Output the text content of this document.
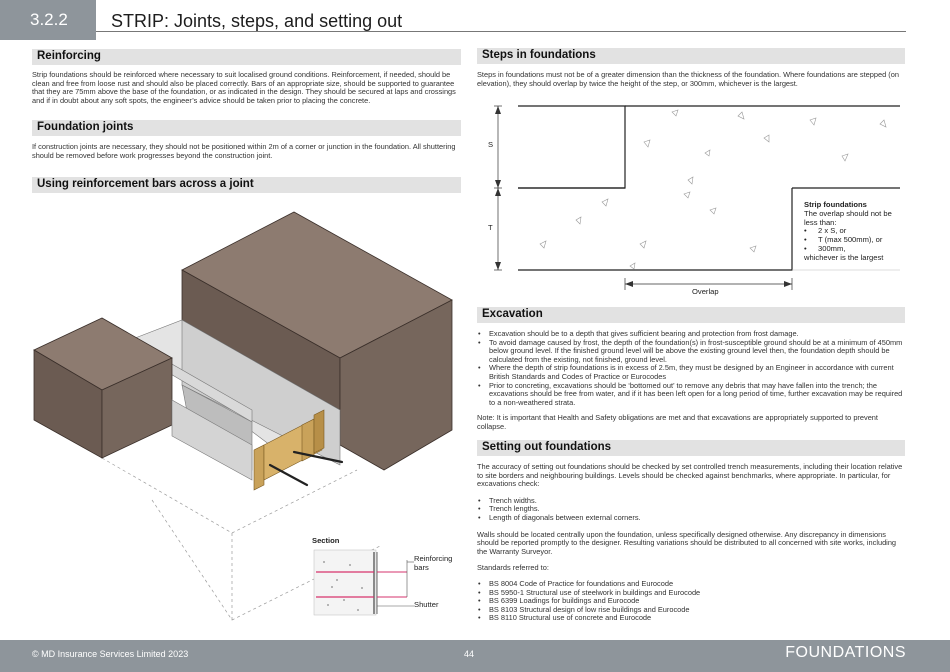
3.2.2	STRIP: Joints, steps, and setting out
Reinforcing
Strip foundations should be reinforced where necessary to suit localised ground conditions. Reinforcement, if needed, should be clean and free from loose rust and should also be placed correctly. Bars of an appropriate size, should be supported to guarantee that they are 75mm above the base of the foundation, or as indicated in the design. They should be secured at laps and crossings and if in doubt about any soft spots, the engineer’s advice should be taken prior to placing the concrete.
Foundation joints
If construction joints are necessary, they should not be positioned within 2m of a corner or junction in the foundation. All shuttering should be removed before work progresses beyond the construction joint.
Using reinforcement bars across a joint
Section
Reinforcing bars
Shutter
Steps in foundations
Steps in foundations must not be of a greater dimension than the thickness of the foundation. Where foundations are stepped (on elevation), they should overlap by twice the height of the step, or 300mm, whichever is the largest.
S
T
Overlap
Strip foundations
The overlap should not be less than:
• 2 x S, or
• T (max 500mm), or
• 300mm,
whichever is the largest
Excavation
• Excavation should be to a depth that gives sufficient bearing and protection from frost damage.
• To avoid damage caused by frost, the depth of the foundation(s) in frost-susceptible ground should be at a minimum of 450mm below ground level. If the finished ground level will be above the existing ground level then, the foundation depth should be calculated from the existing, not finished, ground level.
• Where the depth of strip foundations is in excess of 2.5m, they must be designed by an Engineer in accordance with current British Standards and Codes of Practice or Eurocodes
• Prior to concreting, excavations should be ‘bottomed out’ to remove any debris that may have fallen into the trench; the excavations should be free from water, and if it has been left open for a long period of time, further excavation may be required to a non-weathered strata.
Note: It is important that Health and Safety obligations are met and that excavations are appropriately supported to prevent collapse.
Setting out foundations
The accuracy of setting out foundations should be checked by set controlled trench measurements, including their location relative to site borders and neighbouring buildings. Levels should be checked against benchmarks, where appropriate. In particular, for excavations check:
• Trench widths.
• Trench lengths.
• Length of diagonals between external corners.
Walls should be located centrally upon the foundation, unless specifically designed otherwise. Any discrepancy in dimensions should be reported promptly to the designer. Resulting variations should be distributed to all concerned with site works, including the Warranty Surveyor.
Standards referred to:
• BS 8004 Code of Practice for foundations and Eurocode
• BS 5950-1 Structural use of steelwork in buildings and Eurocode
• BS 6399 Loadings for buildings and Eurocode
• BS 8103 Structural design of low rise buildings and Eurocode
• BS 8110 Structural use of concrete and Eurocode
© MD Insurance Services Limited 2023	44	FOUNDATIONS
